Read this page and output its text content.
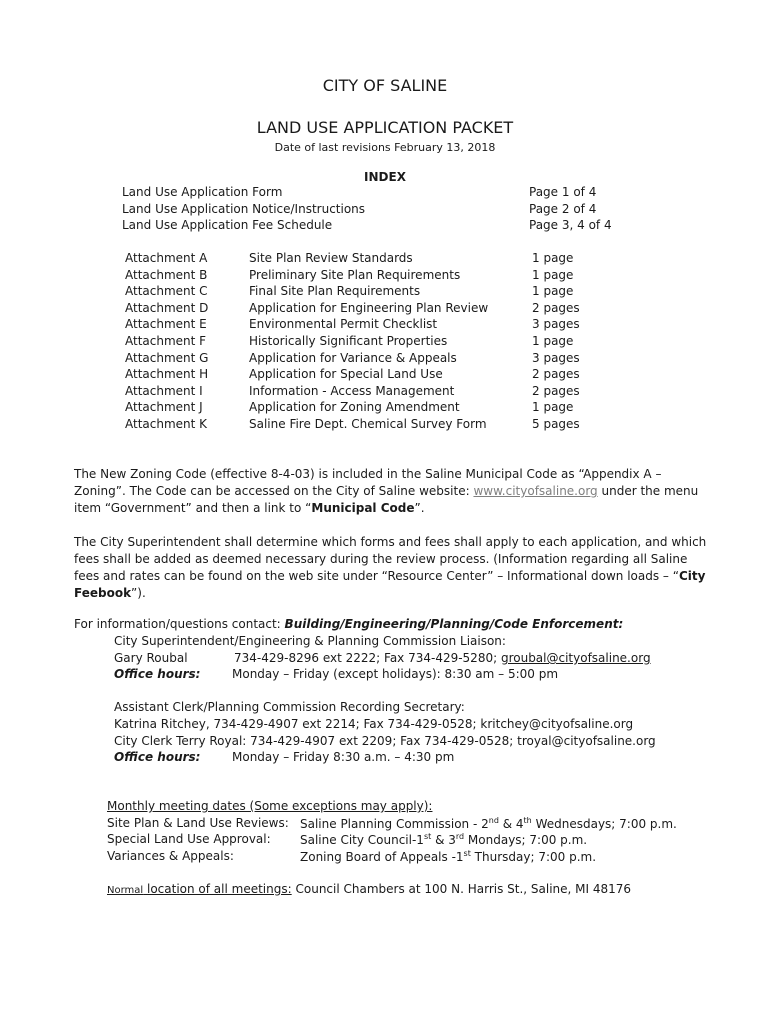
CITY OF SALINE
LAND USE APPLICATION PACKET
Date of last revisions February 13, 2018
INDEX
Land Use Application Form	Page 1 of 4
Land Use Application Notice/Instructions	Page 2 of 4
Land Use Application Fee Schedule	Page 3, 4 of 4
Attachment A	Site Plan Review Standards	1 page
Attachment B	Preliminary Site Plan Requirements	1 page
Attachment C	Final Site Plan Requirements	1 page
Attachment D	Application for Engineering Plan Review	2 pages
Attachment E	Environmental Permit Checklist	3 pages
Attachment F	Historically Significant Properties	1 page
Attachment G	Application for Variance & Appeals	3 pages
Attachment H	Application for Special Land Use	2 pages
Attachment I	Information - Access Management	2 pages
Attachment J	Application for Zoning Amendment	1 page
Attachment K	Saline Fire Dept. Chemical Survey Form	5 pages
The New Zoning Code (effective 8-4-03) is included in the Saline Municipal Code as “Appendix A – Zoning”. The Code can be accessed on the City of Saline website: www.cityofsaline.org under the menu item “Government” and then a link to “Municipal Code”.
The City Superintendent shall determine which forms and fees shall apply to each application, and which fees shall be added as deemed necessary during the review process. (Information regarding all Saline fees and rates can be found on the web site under “Resource Center” – Informational down loads – “City Feebook”).
For information/questions contact: Building/Engineering/Planning/Code Enforcement:
City Superintendent/Engineering & Planning Commission Liaison:
Gary Roubal	734-429-8296 ext 2222; Fax 734-429-5280; groubal@cityofsaline.org
Office hours:	Monday – Friday (except holidays): 8:30 am – 5:00 pm
Assistant Clerk/Planning Commission Recording Secretary:
Katrina Ritchey, 734-429-4907 ext 2214; Fax 734-429-0528; kritchey@cityofsaline.org
City Clerk Terry Royal: 734-429-4907 ext 2209; Fax 734-429-0528; troyal@cityofsaline.org
Office hours:	Monday – Friday 8:30 a.m. – 4:30 pm
Monthly meeting dates (Some exceptions may apply):
Site Plan & Land Use Reviews: Saline Planning Commission - 2nd & 4th Wednesdays; 7:00 p.m.
Special Land Use Approval: Saline City Council-1st & 3rd Mondays; 7:00 p.m.
Variances & Appeals:	Zoning Board of Appeals -1st Thursday; 7:00 p.m.
Normal location of all meetings: Council Chambers at 100 N. Harris St., Saline, MI 48176
